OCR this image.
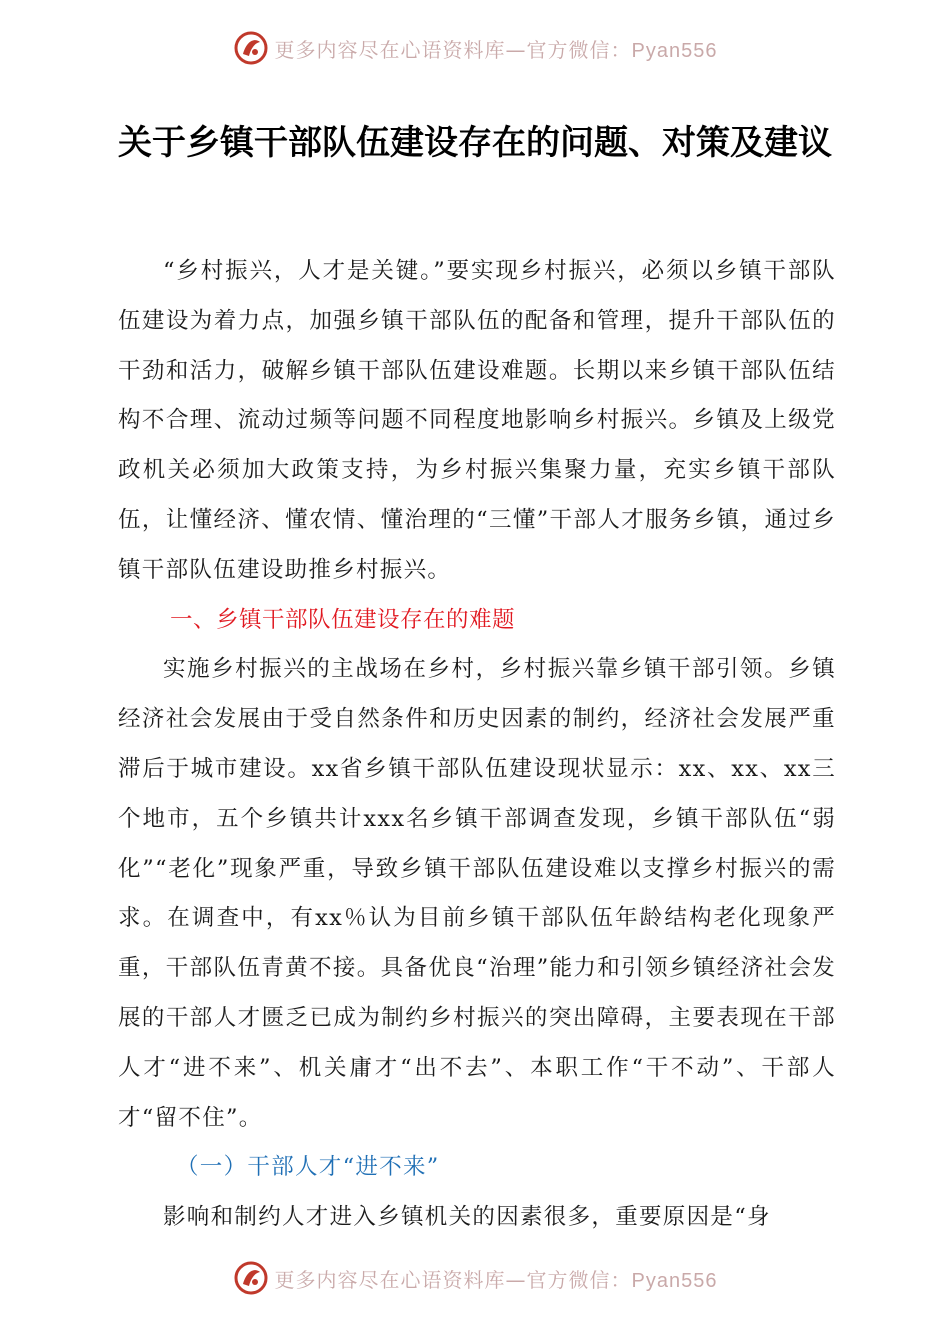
更多内容尽在心语资料库—官方微信：Pyan556
关于乡镇干部队伍建设存在的问题、对策及建议

“乡村振兴，人才是关键。”要实现乡村振兴，必须以乡镇干部队伍建设为着力点，加强乡镇干部队伍的配备和管理，提升干部队伍的干劲和活力，破解乡镇干部队伍建设难题。长期以来乡镇干部队伍结构不合理、流动过频等问题不同程度地影响乡村振兴。乡镇及上级党政机关必须加大政策支持，为乡村振兴集聚力量，充实乡镇干部队伍，让懂经济、懂农情、懂治理的“三懂”干部人才服务乡镇，通过乡镇干部队伍建设助推乡村振兴。

一、乡镇干部队伍建设存在的难题

实施乡村振兴的主战场在乡村，乡村振兴靠乡镇干部引领。乡镇经济社会发展由于受自然条件和历史因素的制约，经济社会发展严重滞后于城市建设。xx省乡镇干部队伍建设现状显示：xx、xx、xx三个地市，五个乡镇共计xxx名乡镇干部调查发现，乡镇干部队伍“弱化”“老化”现象严重，导致乡镇干部队伍建设难以支撑乡村振兴的需求。在调查中，有xx％认为目前乡镇干部队伍年龄结构老化现象严重，干部队伍青黄不接。具备优良“治理”能力和引领乡镇经济社会发展的干部人才匮乏已成为制约乡村振兴的突出障碍，主要表现在干部人才“进不来”、机关庸才“出不去”、本职工作“干不动”、干部人才“留不住”。

（一）干部人才“进不来”

影响和制约人才进入乡镇机关的因素很多，重要原因是“身

更多内容尽在心语资料库—官方微信：Pyan556
